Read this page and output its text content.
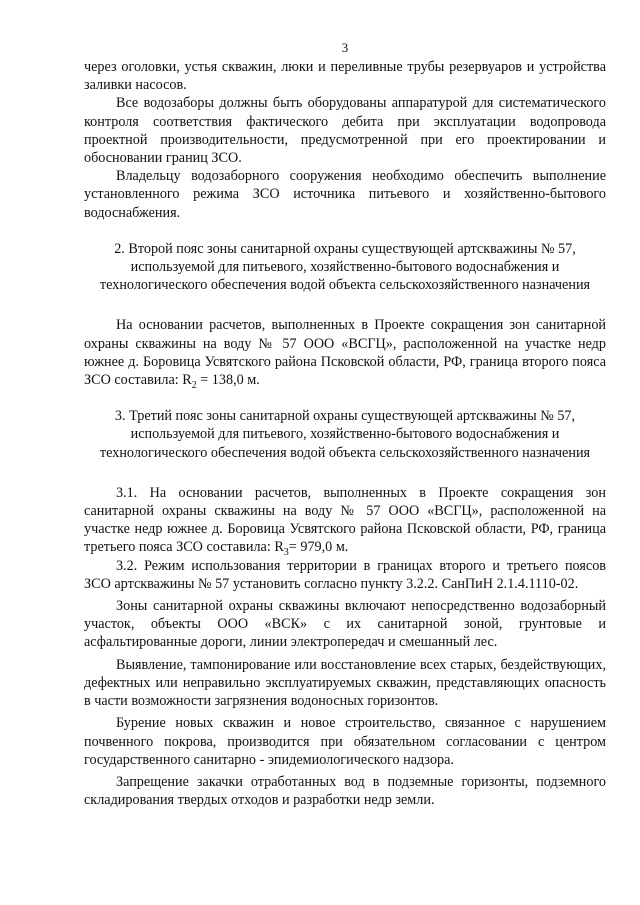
3

через оголовки, устья скважин, люки и переливные трубы резервуаров и устройства заливки насосов.

Все водозаборы должны быть оборудованы аппаратурой для систематического контроля соответствия фактического дебита при эксплуатации водопровода проектной производительности, предусмотренной при его проектировании и обосновании границ ЗСО.

Владельцу водозаборного сооружения необходимо обеспечить выполнение установленного режима ЗСО источника питьевого и хозяйственно-бытового водоснабжения.

2. Второй пояс зоны санитарной охраны существующей артскважины № 57, используемой для питьевого, хозяйственно-бытового водоснабжения и технологического обеспечения водой объекта сельскохозяйственного назначения

На основании расчетов, выполненных в Проекте сокращения зон санитарной охраны скважины на воду № 57 ООО «ВСГЦ», расположенной на участке недр южнее д. Боровица Усвятского района Псковской области, РФ, граница второго пояса ЗСО составила: $R_2 = 138,0$ м.

3. Третий пояс зоны санитарной охраны существующей артскважины № 57, используемой для питьевого, хозяйственно-бытового водоснабжения и технологического обеспечения водой объекта сельскохозяйственного назначения

3.1. На основании расчетов, выполненных в Проекте сокращения зон санитарной охраны скважины на воду № 57 ООО «ВСГЦ», расположенной на участке недр южнее д. Боровица Усвятского района Псковской области, РФ, граница третьего пояса ЗСО составила: $R_3= 979,0$ м.

3.2. Режим использования территории в границах второго и третьего поясов ЗСО артскважины № 57 установить согласно пункту 3.2.2. СанПиН 2.1.4.1110-02.

Зоны санитарной охраны скважины включают непосредственно водозаборный участок, объекты ООО «ВСК» с их санитарной зоной, грунтовые и асфальтированные дороги, линии электропередач и смешанный лес.

Выявление, тампонирование или восстановление всех старых, бездействующих, дефектных или неправильно эксплуатируемых скважин, представляющих опасность в части возможности загрязнения водоносных горизонтов.

Бурение новых скважин и новое строительство, связанное с нарушением почвенного покрова, производится при обязательном согласовании с центром государственного санитарно - эпидемиологического надзора.

Запрещение закачки отработанных вод в подземные горизонты, подземного складирования твердых отходов и разработки недр земли.
